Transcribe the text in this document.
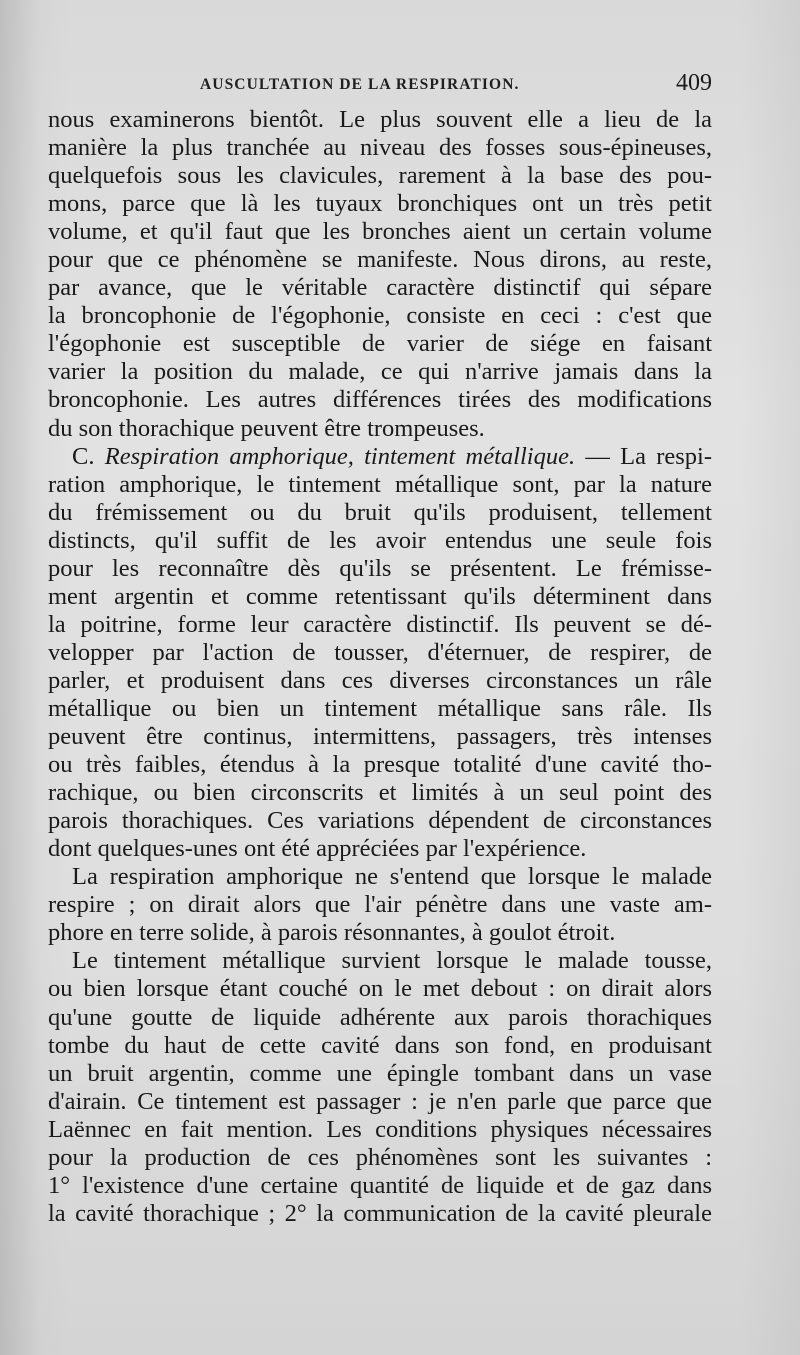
AUSCULTATION DE LA RESPIRATION.	409
nous examinerons bientôt. Le plus souvent elle a lieu de la
manière la plus tranchée au niveau des fosses sous-épineuses,
quelquefois sous les clavicules, rarement à la base des pou-
mons, parce que là les tuyaux bronchiques ont un très petit
volume, et qu'il faut que les bronches aient un certain volume
pour que ce phénomène se manifeste. Nous dirons, au reste,
par avance, que le véritable caractère distinctif qui sépare
la broncophonie de l'égophonie, consiste en ceci : c'est que
l'égophonie est susceptible de varier de siége en faisant
varier la position du malade, ce qui n'arrive jamais dans la
broncophonie. Les autres différences tirées des modifications
du son thorachique peuvent être trompeuses.
C. Respiration amphorique, tintement métallique. — La respi-
ration amphorique, le tintement métallique sont, par la nature
du frémissement ou du bruit qu'ils produisent, tellement
distincts, qu'il suffit de les avoir entendus une seule fois
pour les reconnaître dès qu'ils se présentent. Le frémisse-
ment argentin et comme retentissant qu'ils déterminent dans
la poitrine, forme leur caractère distinctif. Ils peuvent se dé-
velopper par l'action de tousser, d'éternuer, de respirer, de
parler, et produisent dans ces diverses circonstances un râle
métallique ou bien un tintement métallique sans râle. Ils
peuvent être continus, intermittens, passagers, très intenses
ou très faibles, étendus à la presque totalité d'une cavité tho-
rachique, ou bien circonscrits et limités à un seul point des
parois thorachiques. Ces variations dépendent de circonstances
dont quelques-unes ont été appréciées par l'expérience.
La respiration amphorique ne s'entend que lorsque le malade
respire ; on dirait alors que l'air pénètre dans une vaste am-
phore en terre solide, à parois résonnantes, à goulot étroit.
Le tintement métallique survient lorsque le malade tousse,
ou bien lorsque étant couché on le met debout : on dirait alors
qu'une goutte de liquide adhérente aux parois thorachiques
tombe du haut de cette cavité dans son fond, en produisant
un bruit argentin, comme une épingle tombant dans un vase
d'airain. Ce tintement est passager : je n'en parle que parce que
Laënnec en fait mention. Les conditions physiques nécessaires
pour la production de ces phénomènes sont les suivantes :
1° l'existence d'une certaine quantité de liquide et de gaz dans
la cavité thorachique ; 2° la communication de la cavité pleurale
